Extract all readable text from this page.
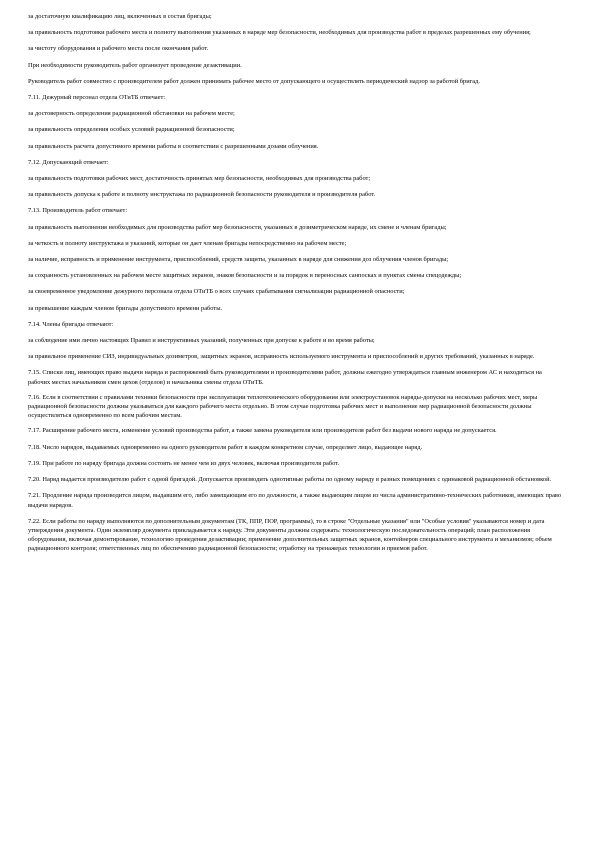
за достаточную квалификацию лиц, включенных в состав бригады;

за правильность подготовки рабочего места и полноту выполнения указанных в наряде мер безопасности, необходимых для производства работ в пределах разрешенных ему обучения;

за чистоту оборудования и рабочего места после окончания работ.

При необходимости руководитель работ организует проведение дезактивации.

Руководитель работ совместно с производителем работ должен принимать рабочее место от допускающего и осуществлять периодический надзор за работой бригад.

7.11. Дежурный персонал отдела ОТиТБ отвечает:

за достоверность определения радиационной обстановки на рабочем месте;

за правильность определения особых условий радиационной безопасности;

за правильность расчета допустимого времени работы в соответствии с разрешенными дозами облучения.

7.12. Допускающий отвечает:

за правильность подготовки рабочих мест, достаточность принятых мер безопасности, необходимых для производства работ;

за правильность допуска к работе и полноту инструктажа по радиационной безопасности руководителя и производителя работ.

7.13. Производитель работ отвечает:

за правильность выполнения необходимых для производства работ мер безопасности, указанных в дозиметрическом наряде, их смене и членам бригады;

за четкость и полноту инструктажа и указаний, которые он дает членам бригады непосредственно на рабочем месте;

за наличие, исправность и применение инструмента, приспособлений, средств защиты, указанных в наряде для снижения доз облучения членов бригады;

за сохранность установленных на рабочем месте защитных экранов, знаков безопасности и за порядок в переносных санпосках и пунктах смены спецодежды;

за своевременное уведомление дежурного персонала отдела ОТиТБ о всех случаях срабатывания сигнализации радиационной опасности;

за превышение каждым членом бригады допустимого времени работы.

7.14. Члены бригады отвечают:

за соблюдение ими лично настоящих Правил и инструктивных указаний, полученных при допуске к работе и во время работы;

за правильное применение СИЗ, индивидуальных дозиметров, защитных экранов, исправность используемого инструмента и приспособлений и других требований, указанных в наряде.

7.15. Списки лиц, имеющих право выдачи наряда и распоряжений быть руководителями и производителями работ, должны ежегодно утверждаться главным инженером АС и находиться на рабочих местах начальников смен цехов (отделов) и начальника смены отдела ОТиТБ.

7.16. Если в соответствии с правилами техники безопасности при эксплуатации теплотехнического оборудования или электроустановок наряды-допуски на несколько рабочих мест, меры радиационной безопасности должны указываться для каждого рабочего места отдельно. В этом случае подготовка рабочих мест и выполнение мер радиационной безопасности должны осуществляться одновременно по всем рабочим местам.

7.17. Расширение рабочего места, изменение условий производства работ, а также замена руководителя или производителя работ без выдачи нового наряда не допускается.

7.18. Число нарядов, выдаваемых одновременно на одного руководителя работ в каждом конкретном случае, определяет лицо, выдающее наряд.

7.19. При работе по наряду бригада должна состоять не менее чем из двух человек, включая производителя работ.

7.20. Наряд выдается производителю работ с одной бригадой. Допускается производить однотипные работы по одному наряду в разных помещениях с одинаковой радиационной обстановкой.

7.21. Продление наряда производится лицом, выдавшим его, либо замещающим его по должности, а также выдающим лицом из числа административно-технических работников, имеющих право выдачи нарядов.

7.22. Если работы по наряду выполняются по дополнительным документам (ТК, ППР, ПОР, программы), то в строке "Отдельные указания" или "Особые условия" указываются номер и дата утверждения документа. Один экземпляр документа прикладывается к наряду. Эти документы должны содержать: технологическую последовательность операций; план расположения оборудования, включая демонтирование, технологию проведения дезактивации; применение дополнительных защитных экранов, контейнеров специального инструмента и механизмов; объем радиационного контроля; ответственных лиц по обеспечению радиационной безопасности; отработку на тренажерах технологии и приемов работ.
